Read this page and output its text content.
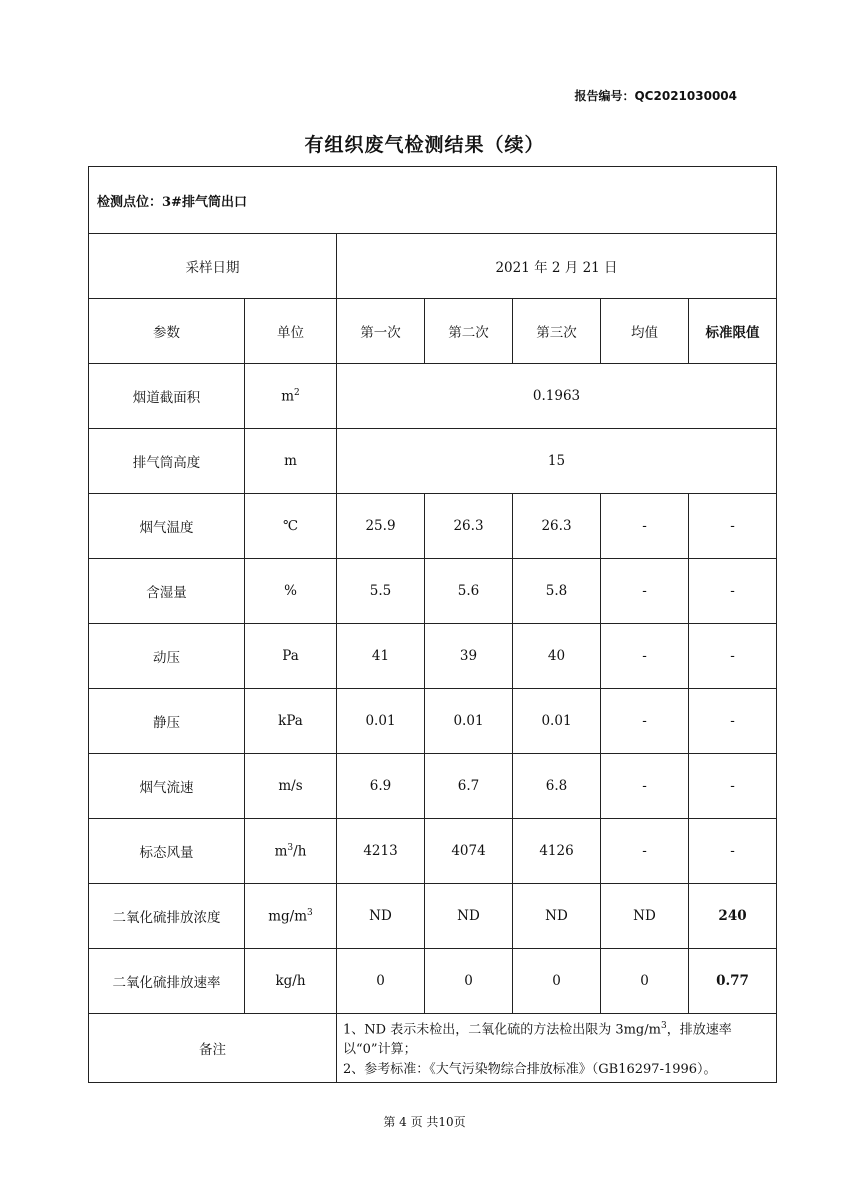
报告编号：QC2021030004
有组织废气检测结果（续）
检测点位：3#排气筒出口						
采样日期		2021 年 2 月 21 日				
参数	单位	第一次	第二次	第三次	均值	标准限值
烟道截面积	$m^2$	0.1963				
排气筒高度	m	15				
烟气温度	℃	25.9	26.3	26.3	-	-
含湿量	%	5.5	5.6	5.8	-	-
动压	Pa	41	39	40	-	-
静压	kPa	0.01	0.01	0.01	-	-
烟气流速	m/s	6.9	6.7	6.8	-	-
标态风量	$m^3/h$	4213	4074	4126	-	-
二氧化硫排放浓度	$mg/m^3$	ND	ND	ND	ND	240
二氧化硫排放速率	kg/h	0	0	0	0	0.77
备注		1、ND 表示未检出，二氧化硫的方法检出限为 $3mg/m^3$，排放速率以“0”计算；
2、参考标准：《大气污染物综合排放标准》（GB16297-1996）。				
第 4 页 共10页
